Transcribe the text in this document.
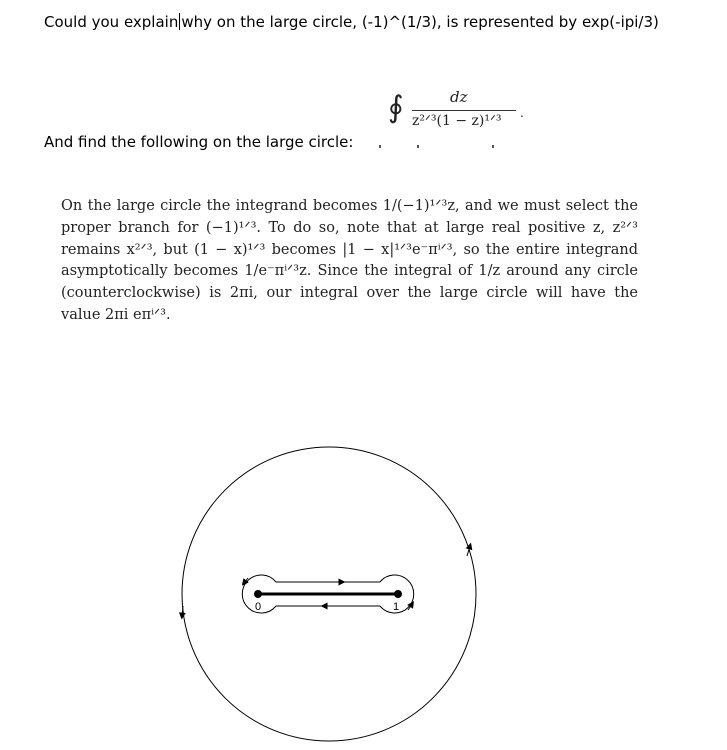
Could you explain why on the large circle, (-1)^(1/3), is represented by exp(-ipi/3)
∮	dz
z²ᐟ³(1 − z)¹ᐟ³ .
And find the following on the large circle:
On the large circle the integrand becomes 1/(−1)¹ᐟ³z, and we must select the proper branch for (−1)¹ᐟ³. To do so, note that at large real positive z, z²ᐟ³ remains x²ᐟ³, but (1 − x)¹ᐟ³ becomes |1 − x|¹ᐟ³e⁻πⁱᐟ³, so the entire integrand asymptotically becomes 1/e⁻πⁱᐟ³z. Since the integral of 1/z around any circle (counterclockwise) is 2πi, our integral over the large circle will have the value 2πi eπⁱᐟ³.
0	1
